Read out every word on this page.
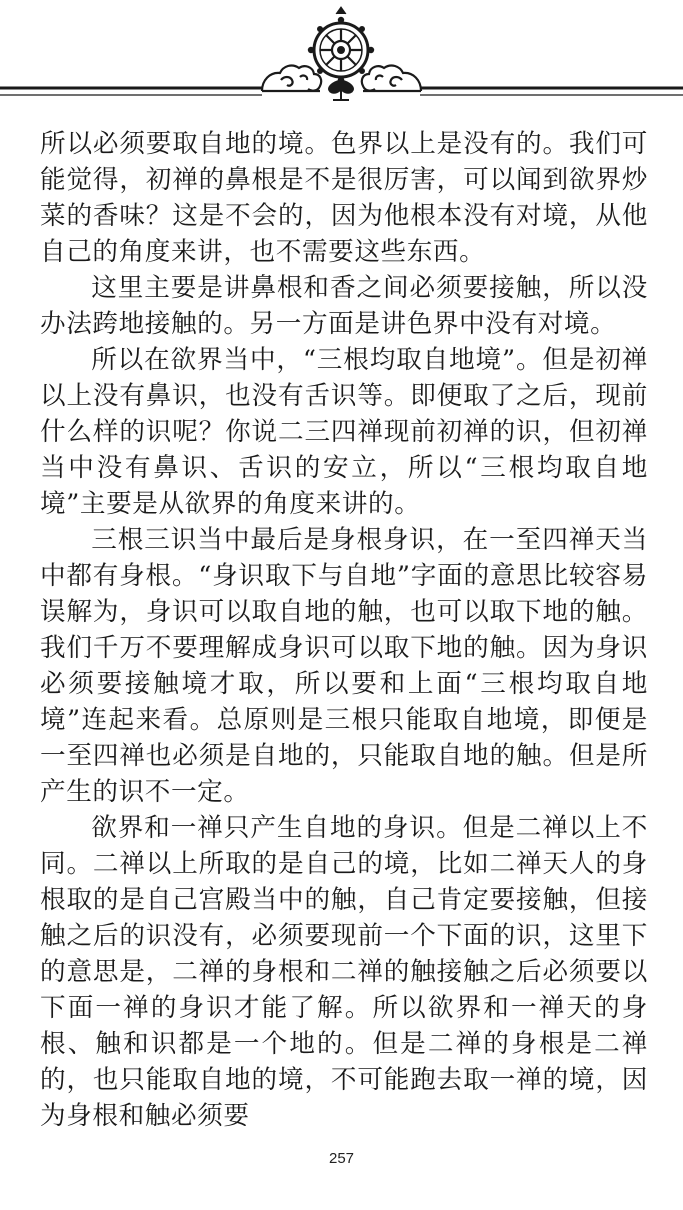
所以必须要取自地的境。色界以上是没有的。我们可能觉得，初禅的鼻根是不是很厉害，可以闻到欲界炒菜的香味？这是不会的，因为他根本没有对境，从他自己的角度来讲，也不需要这些东西。

这里主要是讲鼻根和香之间必须要接触，所以没办法跨地接触的。另一方面是讲色界中没有对境。

所以在欲界当中，“三根均取自地境”。但是初禅以上没有鼻识，也没有舌识等。即便取了之后，现前什么样的识呢？你说二三四禅现前初禅的识，但初禅当中没有鼻识、舌识的安立，所以“三根均取自地境”主要是从欲界的角度来讲的。

三根三识当中最后是身根身识，在一至四禅天当中都有身根。“身识取下与自地”字面的意思比较容易误解为，身识可以取自地的触，也可以取下地的触。我们千万不要理解成身识可以取下地的触。因为身识必须要接触境才取，所以要和上面“三根均取自地境”连起来看。总原则是三根只能取自地境，即便是一至四禅也必须是自地的，只能取自地的触。但是所产生的识不一定。

欲界和一禅只产生自地的身识。但是二禅以上不同。二禅以上所取的是自己的境，比如二禅天人的身根取的是自己宫殿当中的触，自己肯定要接触，但接触之后的识没有，必须要现前一个下面的识，这里下的意思是，二禅的身根和二禅的触接触之后必须要以下面一禅的身识才能了解。所以欲界和一禅天的身根、触和识都是一个地的。但是二禅的身根是二禅的，也只能取自地的境，不可能跑去取一禅的境，因为身根和触必须要

257
